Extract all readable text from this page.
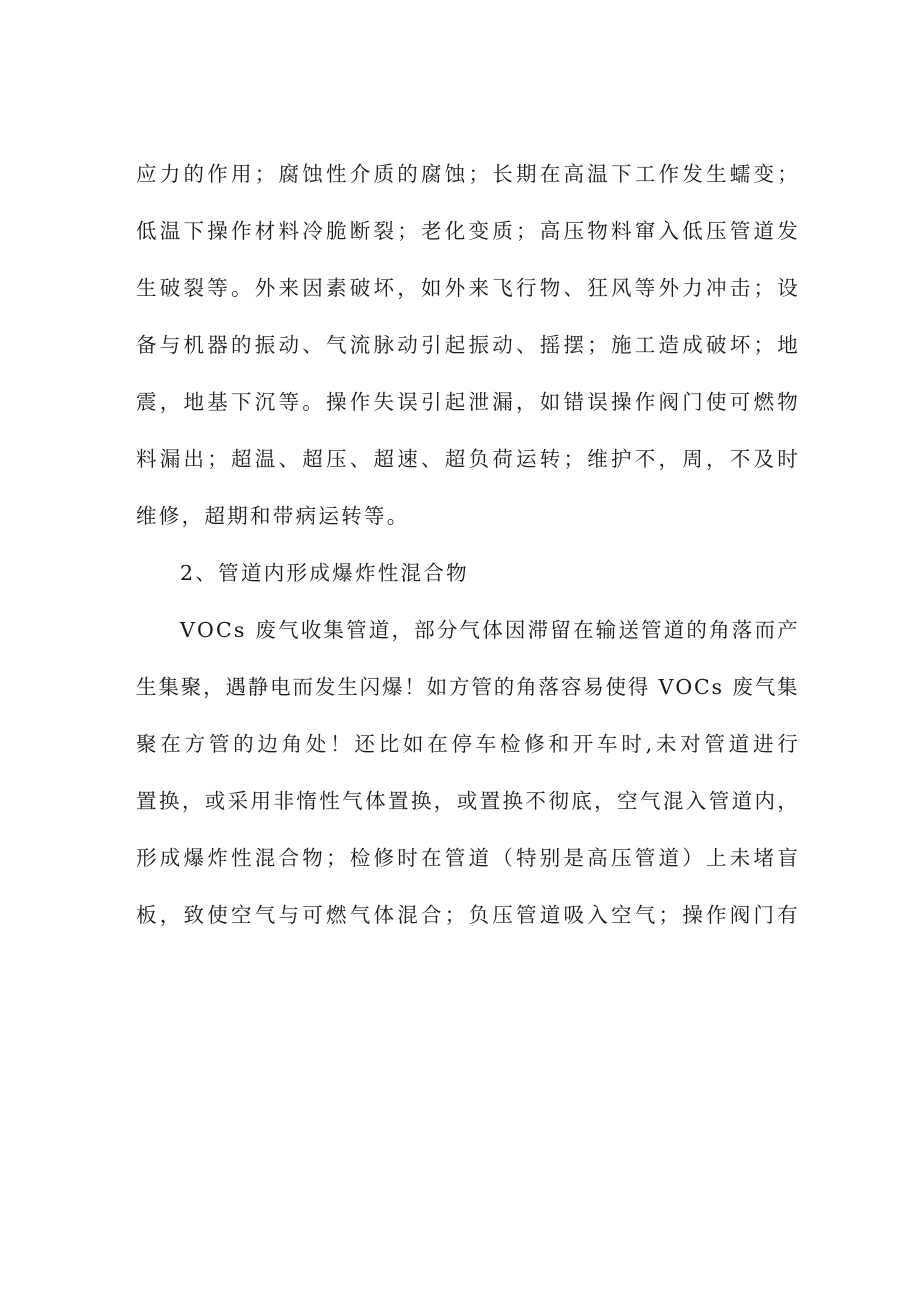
应 力 的 作 用 ； 腐 蚀 性 介 质 的 腐 蚀 ； 长 期 在 高 温 下 工 作 发 生 蠕 变 ；
低 温 下 操 作 材 料 冷 脆 断 裂 ； 老 化 变 质 ； 高 压 物 料 窜 入 低 压 管 道 发
生 破 裂 等 。 外 来 因 素 破 坏 ， 如 外 来 飞 行 物 、 狂 风 等 外 力 冲 击 ； 设
备 与 机 器 的 振 动 、 气 流 脉 动 引 起 振 动 、 摇 摆 ； 施 工 造 成 破 坏 ； 地
震 ， 地 基 下 沉 等 。 操 作 失 误 引 起 泄 漏 ， 如 错 误 操 作 阀 门 使 可 燃 物
料 漏 出 ； 超 温 、 超 压 、 超 速 、 超 负 荷 运 转 ； 维 护 不 ， 周 ， 不 及 时
维修，超期和带病运转等。
2、管道内形成爆炸性混合物
V O C s
废 气 收 集 管 道 ， 部 分 气 体 因 滞 留 在 输 送 管 道 的 角 落 而 产
生 集 聚 ， 遇 静 电 而 发 生 闪 爆 ！ 如 方 管 的 角 落 容 易 使 得
V O C s
废 气 集
聚 在 方 管 的 边 角 处 ！ 还 比 如 在 停 车 检 修 和 开 车 时 , 未 对 管 道 进 行
置 换 ， 或 采 用 非 惰 性 气 体 置 换 ， 或 置 换 不 彻 底 ， 空 气 混 入 管 道 内 ，
形 成 爆 炸 性 混 合 物 ； 检 修 时 在 管 道 （ 特 别 是 高 压 管 道 ） 上 未 堵 盲
板 ， 致 使 空 气 与 可 燃 气 体 混 合 ； 负 压 管 道 吸 入 空 气 ； 操 作 阀 门 有
